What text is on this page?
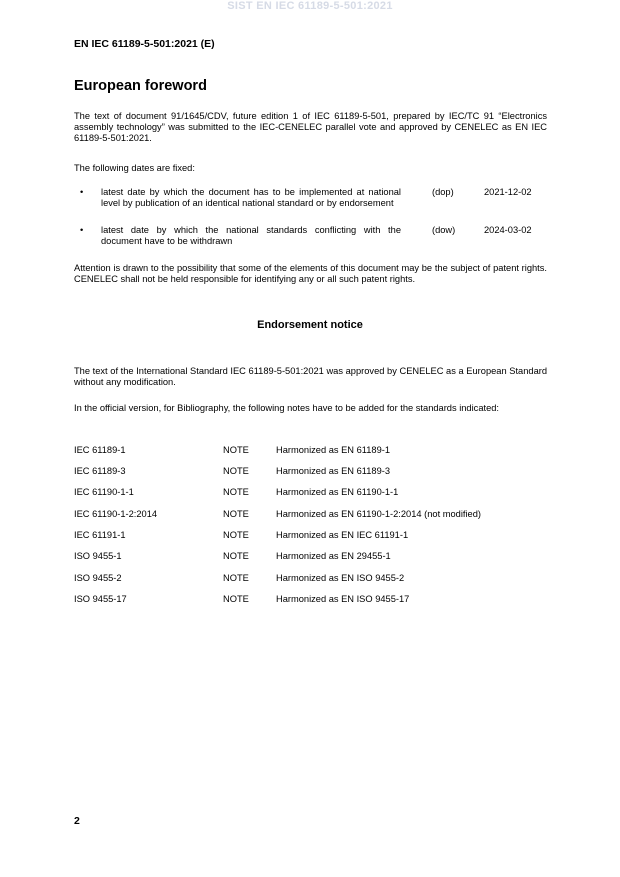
SIST EN IEC 61189-5-501:2021
EN IEC 61189-5-501:2021 (E)
European foreword

The text of document 91/1645/CDV, future edition 1 of IEC 61189-5-501, prepared by IEC/TC 91 “Electronics assembly technology” was submitted to the IEC-CENELEC parallel vote and approved by CENELEC as EN IEC 61189-5-501:2021.

The following dates are fixed:

• latest date by which the document has to be implemented at national
level by publication of an identical national standard or by endorsement
(dop)	2021-12-02
• latest date by which the national standards conflicting with the
document have to be withdrawn
(dow)	2024-03-02

Attention is drawn to the possibility that some of the elements of this document may be the subject of patent rights. CENELEC shall not be held responsible for identifying any or all such patent rights.

Endorsement notice

The text of the International Standard IEC 61189-5-501:2021 was approved by CENELEC as a European Standard without any modification.

In the official version, for Bibliography, the following notes have to be added for the standards indicated:

IEC 61189-1	NOTE	Harmonized as EN 61189-1
IEC 61189-3	NOTE	Harmonized as EN 61189-3
IEC 61190-1-1	NOTE	Harmonized as EN 61190-1-1
IEC 61190-1-2:2014	NOTE	Harmonized as EN 61190-1-2:2014 (not modified)
IEC 61191-1	NOTE	Harmonized as EN IEC 61191-1
ISO 9455-1	NOTE	Harmonized as EN 29455-1
ISO 9455-2	NOTE	Harmonized as EN ISO 9455-2
ISO 9455-17	NOTE	Harmonized as EN ISO 9455-17
2
